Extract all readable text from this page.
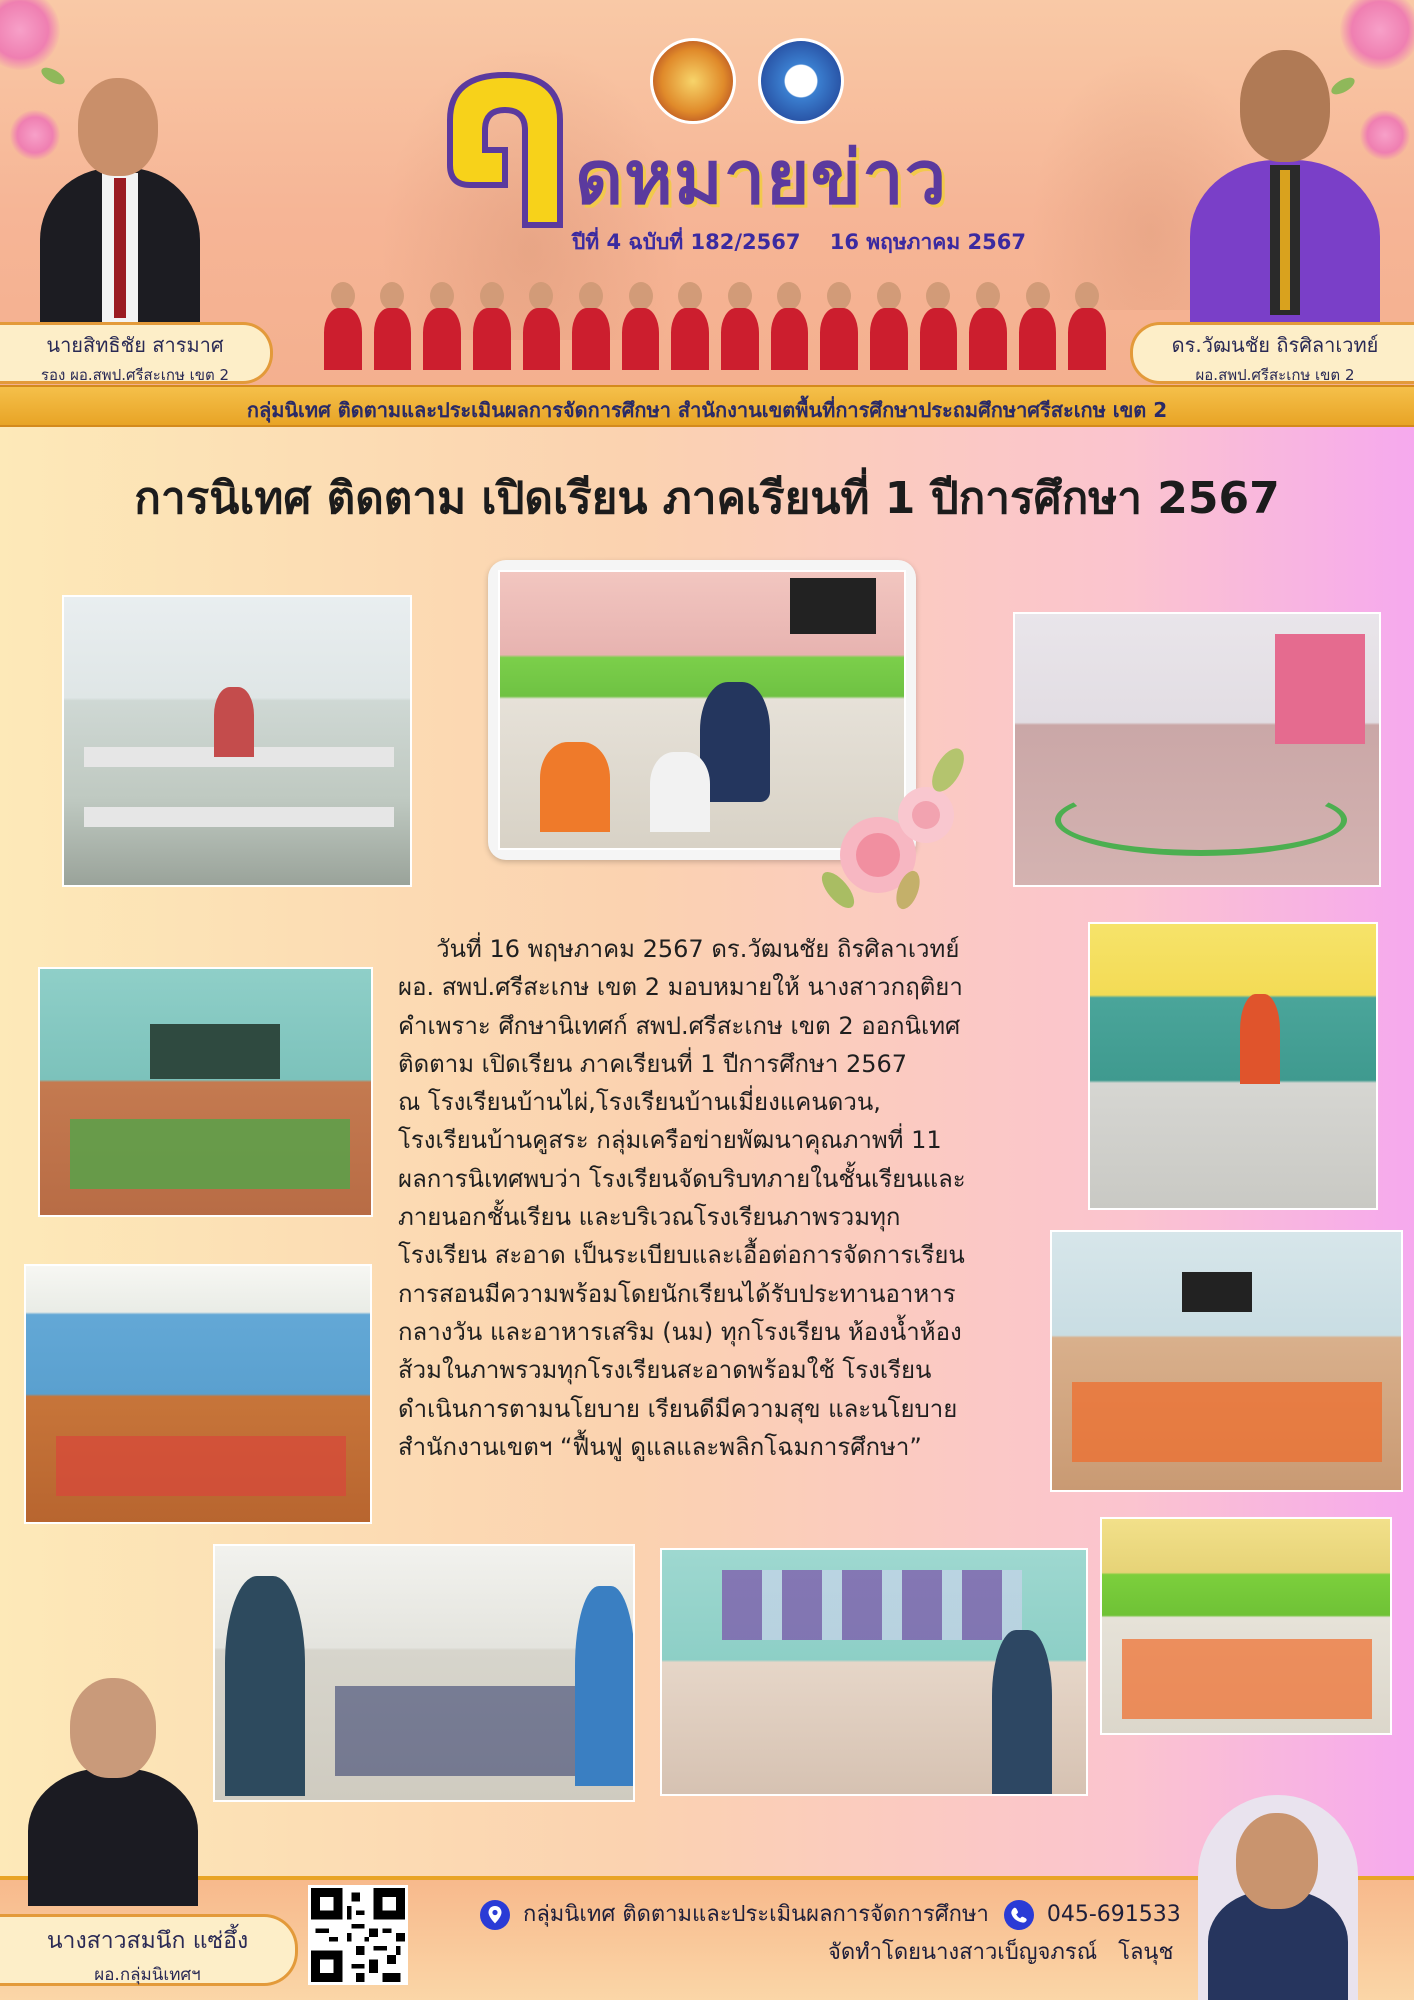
ดหมายข่าว
ปีที่ 4 ฉบับที่ 182/2567    16 พฤษภาคม 2567
นายสิทธิชัย สารมาศ
รอง ผอ.สพป.ศรีสะเกษ เขต 2
ดร.วัฒนชัย ถิรศิลาเวทย์
ผอ.สพป.ศรีสะเกษ เขต 2
กลุ่มนิเทศ ติดตามและประเมินผลการจัดการศึกษา สำนักงานเขตพื้นที่การศึกษาประถมศึกษาศรีสะเกษ เขต 2
การนิเทศ ติดตาม เปิดเรียน ภาคเรียนที่ 1 ปีการศึกษา 2567
วันที่ 16 พฤษภาคม 2567 ดร.วัฒนชัย ถิรศิลาเวทย์
ผอ. สพป.ศรีสะเกษ เขต 2 มอบหมายให้ นางสาวกฤติยา
คำเพราะ ศึกษานิเทศก์ สพป.ศรีสะเกษ เขต 2 ออกนิเทศ
ติดตาม เปิดเรียน ภาคเรียนที่ 1 ปีการศึกษา 2567
ณ โรงเรียนบ้านไผ่,โรงเรียนบ้านเมี่ยงแคนดวน,
โรงเรียนบ้านคูสระ กลุ่มเครือข่ายพัฒนาคุณภาพที่ 11
ผลการนิเทศพบว่า โรงเรียนจัดบริบทภายในชั้นเรียนและ
ภายนอกชั้นเรียน และบริเวณโรงเรียนภาพรวมทุก
โรงเรียน สะอาด เป็นระเบียบและเอื้อต่อการจัดการเรียน
การสอนมีความพร้อมโดยนักเรียนได้รับประทานอาหาร
กลางวัน และอาหารเสริม (นม) ทุกโรงเรียน ห้องน้ำห้อง
ส้วมในภาพรวมทุกโรงเรียนสะอาดพร้อมใช้ โรงเรียน
ดำเนินการตามนโยบาย เรียนดีมีความสุข และนโยบาย
สำนักงานเขตฯ “ฟื้นฟู ดูแลและพลิกโฉมการศึกษา”
นางสาวสมนึก แซ่อึ้ง
ผอ.กลุ่มนิเทศฯ
กลุ่มนิเทศ ติดตามและประเมินผลการจัดการศึกษา	045-691533
จัดทำโดยนางสาวเบ็ญจภรณ์   โลนุช
